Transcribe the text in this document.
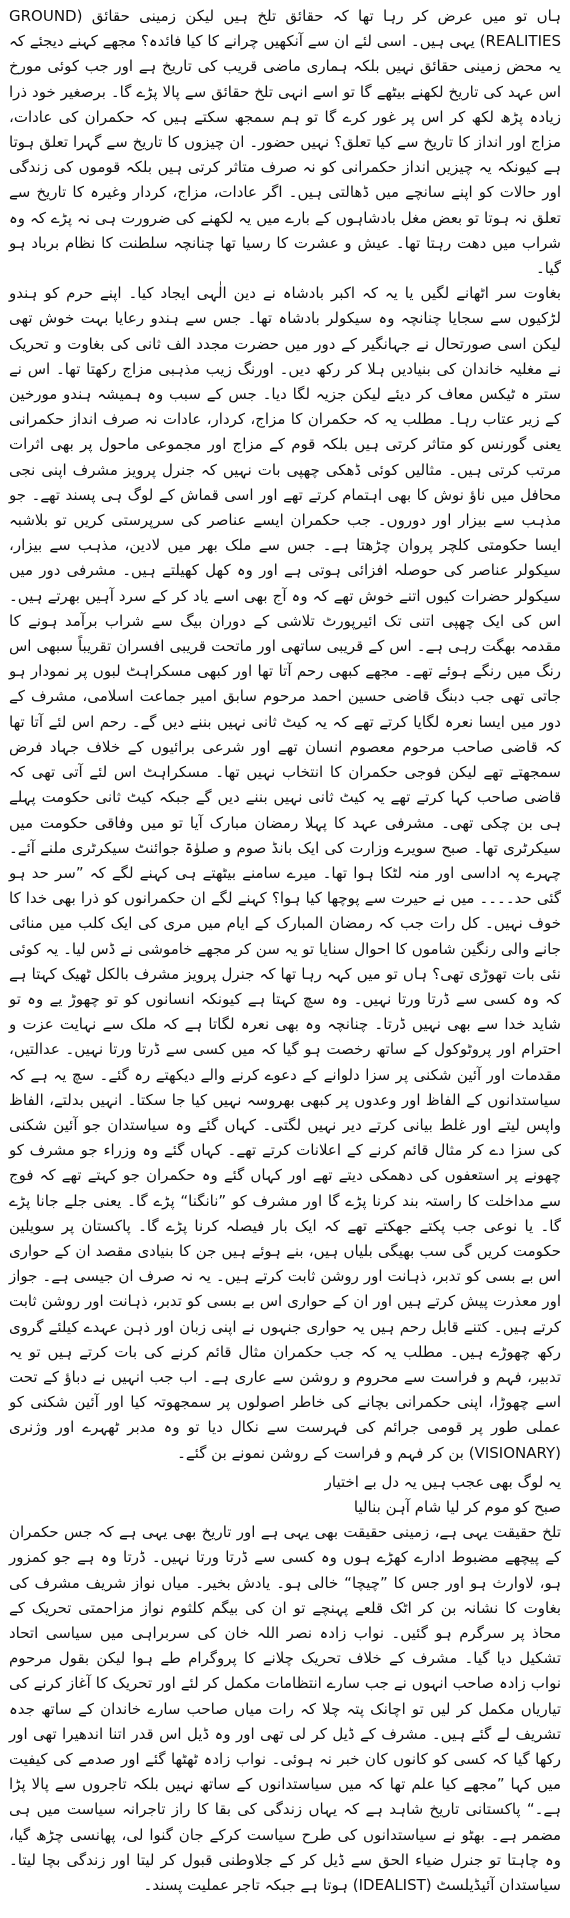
ہاں تو میں عرض کر رہا تھا کہ حقائق تلخ ہیں لیکن زمینی حقائق (GROUND REALITIES) یہی ہیں۔ اسی لئے ان سے آنکھیں چرانے کا کیا فائدہ؟ مجھے کہنے دیجئے کہ یہ محض زمینی حقائق نہیں بلکہ ہماری ماضی قریب کی تاریخ ہے اور جب کوئی مورخ اس عہد کی تاریخ لکھنے بیٹھے گا تو اسے انہی تلخ حقائق سے پالا پڑے گا۔ برصغیر خود ذرا زیادہ پڑھ لکھ کر اس پر غور کرے گا تو ہم سمجھ سکتے ہیں کہ حکمران کی عادات، مزاج اور انداز کا تاریخ سے کیا تعلق؟ نہیں حضور۔ ان چیزوں کا تاریخ سے گہرا تعلق ہوتا ہے کیونکہ یہ چیزیں انداز حکمرانی کو نہ صرف متاثر کرتی ہیں بلکہ قوموں کی زندگی اور حالات کو اپنے سانچے میں ڈھالتی ہیں۔ اگر عادات، مزاج، کردار وغیرہ کا تاریخ سے تعلق نہ ہوتا تو بعض مغل بادشاہوں کے بارے میں یہ لکھنے کی ضرورت ہی نہ پڑے کہ وہ شراب میں دھت رہتا تھا۔ عیش و عشرت کا رسیا تھا چنانچہ سلطنت کا نظام برباد ہو گیا۔

بغاوت سر اٹھانے لگیں یا یہ کہ اکبر بادشاہ نے دین الٰہی ایجاد کیا۔ اپنے حرم کو ہندو لڑکیوں سے سجایا چنانچہ وہ سیکولر بادشاہ تھا۔ جس سے ہندو رعایا بہت خوش تھی لیکن اسی صورتحال نے جہانگیر کے دور میں حضرت مجدد الف ثانی کی بغاوت و تحریک نے مغلیہ خاندان کی بنیادیں ہلا کر رکھ دیں۔ اورنگ زیب مذہبی مزاج رکھتا تھا۔ اس نے ستر ہ ٹیکس معاف کر دیئے لیکن جزیہ لگا دیا۔ جس کے سبب وہ ہمیشہ ہندو مورخین کے زیر عتاب رہا۔ مطلب یہ کہ حکمران کا مزاج، کردار، عادات نہ صرف انداز حکمرانی یعنی گورنس کو متاثر کرتی ہیں بلکہ قوم کے مزاج اور مجموعی ماحول پر بھی اثرات مرتب کرتی ہیں۔ مثالیں کوئی ڈھکی چھپی بات نہیں کہ جنرل پرویز مشرف اپنی نجی محافل میں ناؤ نوش کا بھی اہتمام کرتے تھے اور اسی قماش کے لوگ ہی پسند تھے۔ جو مذہب سے بیزار اور دوروں۔ جب حکمران ایسے عناصر کی سرپرستی کریں تو بلاشبہ ایسا حکومتی کلچر پروان چڑھتا ہے۔ جس سے ملک بھر میں لادین، مذہب سے بیزار، سیکولر عناصر کی حوصلہ افزائی ہوتی ہے اور وہ کھل کھیلتے ہیں۔ مشرفی دور میں سیکولر حضرات کیوں اتنے خوش تھے کہ وہ آج بھی اسے یاد کر کے سرد آہیں بھرتے ہیں۔ اس کی ایک چھپی اتنی تک ائیرپورٹ تلاشی کے دوران بیگ سے شراب برآمد ہونے کا مقدمہ بھگت رہی ہے۔ اس کے قریبی ساتھی اور ماتحت قریبی افسران تقریباً سبھی اس رنگ میں رنگے ہوئے تھے۔ مجھے کبھی رحم آتا تھا اور کبھی مسکراہٹ لبوں پر نمودار ہو جاتی تھی جب دبنگ قاضی حسین احمد مرحوم سابق امیر جماعت اسلامی، مشرف کے دور میں ایسا نعرہ لگایا کرتے تھے کہ یہ کیٹ ثانی نہیں بننے دیں گے۔ رحم اس لئے آتا تھا کہ قاضی صاحب مرحوم معصوم انسان تھے اور شرعی برائیوں کے خلاف جہاد فرض سمجھتے تھے لیکن فوجی حکمران کا انتخاب نہیں تھا۔ مسکراہٹ اس لئے آتی تھی کہ قاضی صاحب کہا کرتے تھے یہ کیٹ ثانی نہیں بننے دیں گے جبکہ کیٹ ثانی حکومت پہلے ہی بن چکی تھی۔ مشرفی عہد کا پہلا رمضان مبارک آیا تو میں وفاقی حکومت میں سیکرٹری تھا۔ صبح سویرے وزارت کی ایک بانڈ صوم و صلوٰۃ جوائنٹ سیکرٹری ملنے آئے۔ چہرے پہ اداسی اور منہ لٹکا ہوا تھا۔ میرے سامنے بیٹھتے ہی کہنے لگے کہ ”سر حد ہو گئی حد۔۔۔۔ میں نے حیرت سے پوچھا کیا ہوا؟ کہنے لگے ان حکمرانوں کو ذرا بھی خدا کا خوف نہیں۔ کل رات جب کہ رمضان المبارک کے ایام میں مری کی ایک کلب میں منائی جانے والی رنگین شاموں کا احوال سنایا تو یہ سن کر مجھے خاموشی نے ڈس لیا۔ یہ کوئی نئی بات تھوڑی تھی؟ ہاں تو میں کہہ رہا تھا کہ جنرل پرویز مشرف بالکل ٹھیک کہتا ہے کہ وہ کسی سے ڈرتا ورتا نہیں۔ وہ سچ کہتا ہے کیونکہ انسانوں کو تو چھوڑ یے وہ تو شاید خدا سے بھی نہیں ڈرتا۔ چنانچہ وہ بھی نعرہ لگاتا ہے کہ ملک سے نہایت عزت و احترام اور پروٹوکول کے ساتھ رخصت ہو گیا کہ میں کسی سے ڈرتا ورتا نہیں۔ عدالتیں، مقدمات اور آئین شکنی پر سزا دلوانے کے دعوے کرنے والے دیکھتے رہ گئے۔ سچ یہ ہے کہ سیاستدانوں کے الفاظ اور وعدوں پر کبھی بھروسہ نہیں کیا جا سکتا۔ انہیں بدلتے، الفاظ واپس لیتے اور غلط بیانی کرتے دیر نہیں لگتی۔ کہاں گئے وہ سیاستدان جو آئین شکنی کی سزا دے کر مثال قائم کرنے کے اعلانات کرتے تھے۔ کہاں گئے وہ وزراء جو مشرف کو چھونے پر استعفوں کی دھمکی دیتے تھے اور کہاں گئے وہ حکمران جو کہتے تھے کہ فوج سے مداخلت کا راستہ بند کرنا پڑے گا اور مشرف کو ”نانگنا“ پڑے گا۔ یعنی جلے جانا پڑے گا۔ یا نوعی جب پکتے جھکتے تھے کہ ایک بار فیصلہ کرنا پڑے گا۔ پاکستان پر سویلین حکومت کریں گی سب بھیگی بلیاں ہیں، بنے ہوئے ہیں جن کا بنیادی مقصد ان کے حواری اس بے بسی کو تدبر، ذہانت اور روشن ثابت کرتے ہیں۔ یہ نہ صرف ان جیسی ہے۔ جواز اور معذرت پیش کرتے ہیں اور ان کے حواری اس بے بسی کو تدبر، ذہانت اور روشن ثابت کرتے ہیں۔ کتنے قابل رحم ہیں یہ حواری جنہوں نے اپنی زبان اور ذہن عہدے کیلئے گروی رکھ چھوڑے ہیں۔ مطلب یہ کہ جب حکمران مثال قائم کرنے کی بات کرتے ہیں تو یہ تدبیر، فہم و فراست سے محروم و روشن سے عاری ہے۔ اب جب انہیں نے دباؤ کے تحت اسے چھوڑا، اپنی حکمرانی بچانے کی خاطر اصولوں پر سمجھوتہ کیا اور آئین شکنی کو عملی طور پر قومی جرائم کی فہرست سے نکال دیا تو وہ مدبر ٹھہرے اور وژنری (VISIONARY) بن کر فہم و فراست کے روشن نمونے بن گئے۔

یہ لوگ بھی عجب ہیں یہ دل بے اختیار
صبح کو موم کر لیا شام آہن بنالیا

تلخ حقیقت یہی ہے، زمینی حقیقت بھی یہی ہے اور تاریخ بھی یہی ہے کہ جس حکمران کے پیچھے مضبوط ادارے کھڑے ہوں وہ کسی سے ڈرتا ورتا نہیں۔ ڈرتا وہ ہے جو کمزور ہو، لاوارث ہو اور جس کا ”چیچا“ خالی ہو۔ یادش بخیر۔ میاں نواز شریف مشرف کی بغاوت کا نشانہ بن کر اٹک قلعے پہنچے تو ان کی بیگم کلثوم نواز مزاحمتی تحریک کے محاذ پر سرگرم ہو گئیں۔ نواب زادہ نصر اللہ خان کی سربراہی میں سیاسی اتحاد تشکیل دیا گیا۔ مشرف کے خلاف تحریک چلانے کا پروگرام طے ہوا لیکن بقول مرحوم نواب زادہ صاحب انہوں نے جب سارے انتظامات مکمل کر لئے اور تحریک کا آغاز کرنے کی تیاریاں مکمل کر لیں تو اچانک پتہ چلا کہ رات میاں صاحب سارے خاندان کے ساتھ جدہ تشریف لے گئے ہیں۔ مشرف کے ڈیل کر لی تھی اور وہ ڈیل اس قدر اتنا اندھیرا تھی اور رکھا گیا کہ کسی کو کانوں کان خبر نہ ہوئی۔ نواب زادہ ٹھٹھا گئے اور صدمے کی کیفیت میں کہا ”مجھے کیا علم تھا کہ میں سیاستدانوں کے ساتھ نہیں بلکہ تاجروں سے پالا پڑا ہے۔“ پاکستانی تاریخ شاہد ہے کہ یہاں زندگی کی بقا کا راز تاجرانہ سیاست میں ہی مضمر ہے۔ بھٹو نے سیاستدانوں کی طرح سیاست کرکے جان گنوا لی، پھانسی چڑھ گیا، وہ چاہتا تو جنرل ضیاء الحق سے ڈیل کر کے جلاوطنی قبول کر لیتا اور زندگی بچا لیتا۔ سیاستدان آئیڈیلسٹ (IDEALIST) ہوتا ہے جبکہ تاجر عملیت پسند۔
